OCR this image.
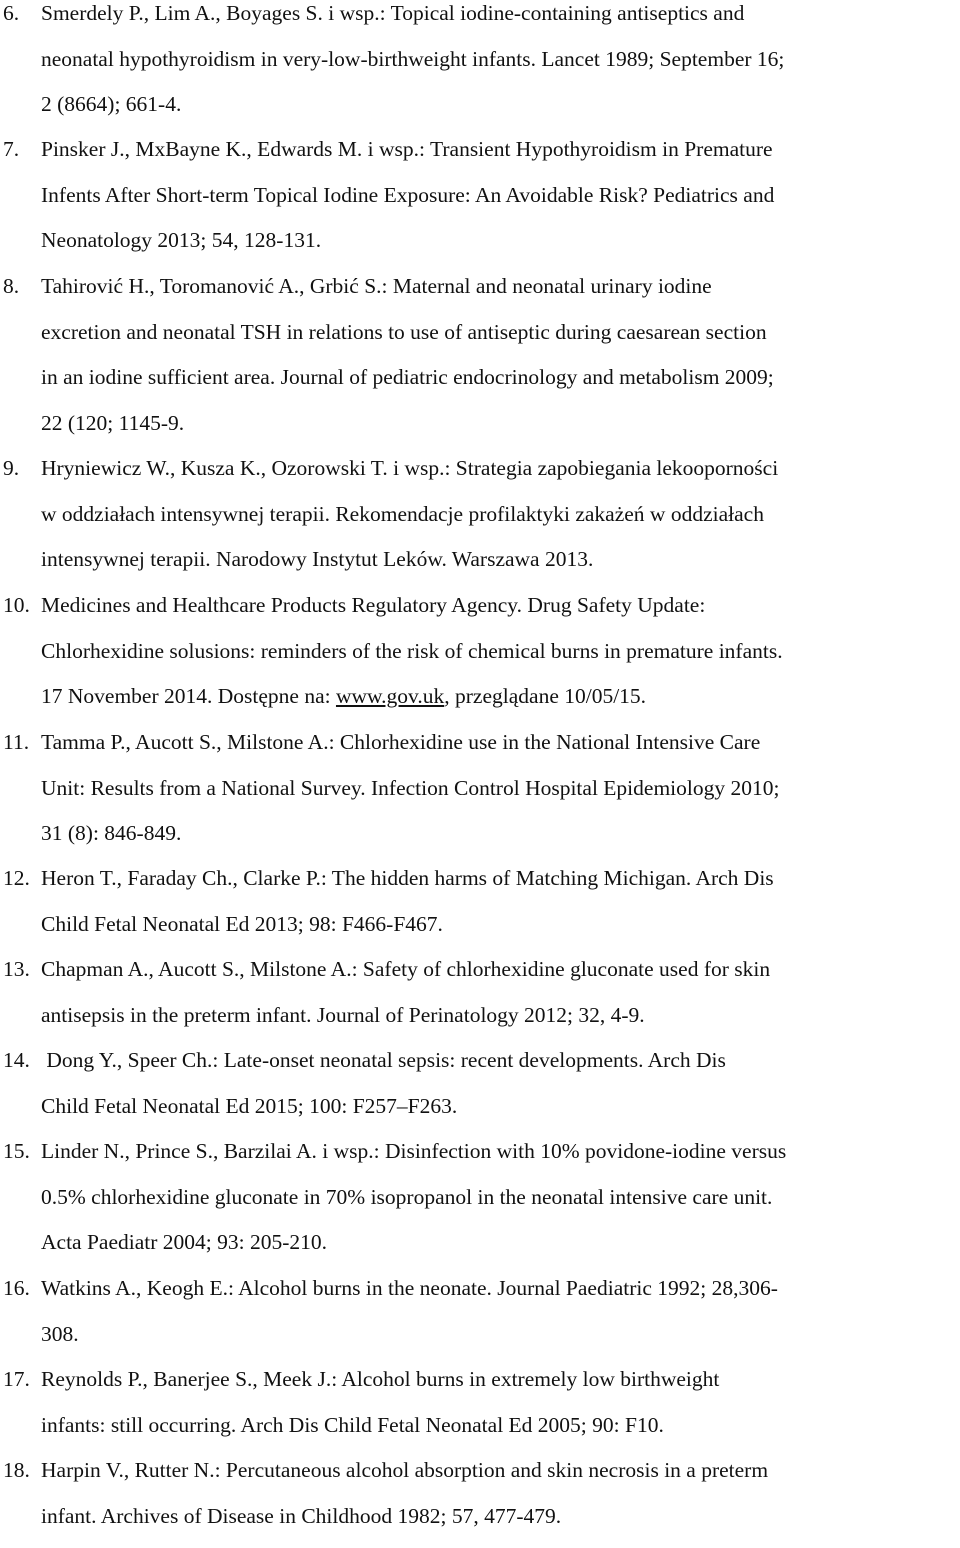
6. Smerdely P., Lim A., Boyages S. i wsp.: Topical iodine-containing antiseptics and
neonatal hypothyroidism in very-low-birthweight infants. Lancet 1989; September 16;
2 (8664); 661-4.
7. Pinsker J., MxBayne K., Edwards M. i wsp.: Transient Hypothyroidism in Premature
Infents After Short-term Topical Iodine Exposure: An Avoidable Risk? Pediatrics and
Neonatology 2013; 54, 128-131.
8. Tahirović H., Toromanović A., Grbić S.: Maternal and neonatal urinary iodine
excretion and neonatal TSH in relations to use of antiseptic during caesarean section
in an iodine sufficient area. Journal of pediatric endocrinology and metabolism 2009;
22 (120; 1145-9.
9. Hryniewicz W., Kusza K., Ozorowski T. i wsp.: Strategia zapobiegania lekooporności
w oddziałach intensywnej terapii. Rekomendacje profilaktyki zakażeń w oddziałach
intensywnej terapii. Narodowy Instytut Leków. Warszawa 2013.
10. Medicines and Healthcare Products Regulatory Agency. Drug Safety Update:
Chlorhexidine solusions: reminders of the risk of chemical burns in premature infants.
17 November 2014. Dostępne na: www.gov.uk, przeglądane 10/05/15.
11. Tamma P., Aucott S., Milstone A.: Chlorhexidine use in the National Intensive Care
Unit: Results from a National Survey. Infection Control Hospital Epidemiology 2010;
31 (8): 846-849.
12. Heron T., Faraday Ch., Clarke P.: The hidden harms of Matching Michigan. Arch Dis
Child Fetal Neonatal Ed 2013; 98: F466-F467.
13. Chapman A., Aucott S., Milstone A.: Safety of chlorhexidine gluconate used for skin
antisepsis in the preterm infant. Journal of Perinatology 2012; 32, 4-9.
14. Dong Y., Speer Ch.: Late-onset neonatal sepsis: recent developments. Arch Dis
Child Fetal Neonatal Ed 2015; 100: F257–F263.
15. Linder N., Prince S., Barzilai A. i wsp.: Disinfection with 10% povidone-iodine versus
0.5% chlorhexidine gluconate in 70% isopropanol in the neonatal intensive care unit.
Acta Paediatr 2004; 93: 205-210.
16. Watkins A., Keogh E.: Alcohol burns in the neonate. Journal Paediatric 1992; 28,306-
308.
17. Reynolds P., Banerjee S., Meek J.: Alcohol burns in extremely low birthweight
infants: still occurring. Arch Dis Child Fetal Neonatal Ed 2005; 90: F10.
18. Harpin V., Rutter N.: Percutaneous alcohol absorption and skin necrosis in a preterm
infant. Archives of Disease in Childhood 1982; 57, 477-479.
